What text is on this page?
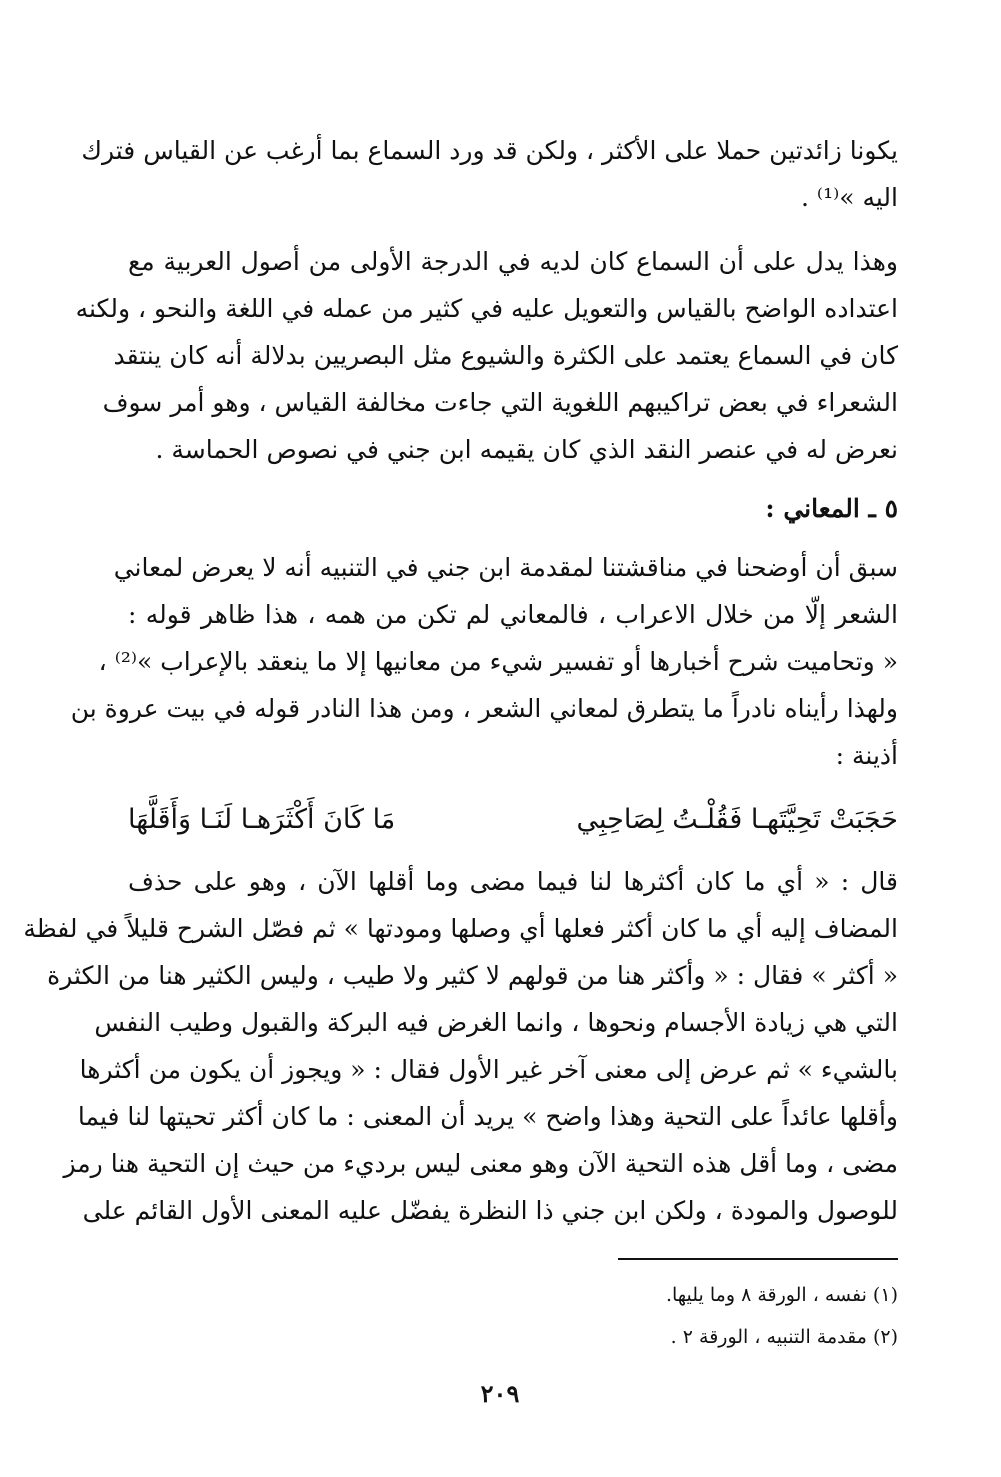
يكونا زائدتين حملا على الأكثر ، ولكن قد ورد السماع بما أرغب عن القياس فترك
اليه »⁽¹⁾ .
وهذا يدل على أن السماع كان لديه في الدرجة الأولى من أصول العربية مع
اعتداده الواضح بالقياس والتعويل عليه في كثير من عمله في اللغة والنحو ، ولكنه
كان في السماع يعتمد على الكثرة والشيوع مثل البصريين بدلالة أنه كان ينتقد
الشعراء في بعض تراكيبهم اللغوية التي جاءت مخالفة القياس ، وهو أمر سوف
نعرض له في عنصر النقد الذي كان يقيمه ابن جني في نصوص الحماسة .
٥ ـ المعاني :
سبق أن أوضحنا في مناقشتنا لمقدمة ابن جني في التنبيه أنه لا يعرض لمعاني
الشعر إلّا من خلال الاعراب ، فالمعاني لم تكن من همه ، هذا ظاهر قوله :
« وتحاميت شرح أخبارها أو تفسير شيء من معانيها إلا ما ينعقد بالإعراب »⁽²⁾ ،
ولهذا رأيناه نادراً ما يتطرق لمعاني الشعر ، ومن هذا النادر قوله في بيت عروة بن
أذينة :
حَجَبَتْ تَحِيَّتَهـا فَقُلْـتُ لِصَاحِبِي
مَا كَانَ أَكْثَرَهـا لَنَـا وَأَقَلَّهَا
قال : « أي ما كان أكثرها لنا فيما مضى وما أقلها الآن ، وهو على حذف
المضاف إليه أي ما كان أكثر فعلها أي وصلها ومودتها » ثم فصّل الشرح قليلاً في لفظة
« أكثر » فقال : « وأكثر هنا من قولهم لا كثير ولا طيب ، وليس الكثير هنا من الكثرة
التي هي زيادة الأجسام ونحوها ، وانما الغرض فيه البركة والقبول وطيب النفس
بالشيء » ثم عرض إلى معنى آخر غير الأول فقال : « ويجوز أن يكون من أكثرها
وأقلها عائداً على التحية وهذا واضح » يريد أن المعنى : ما كان أكثر تحيتها لنا فيما
مضى ، وما أقل هذه التحية الآن وهو معنى ليس برديء من حيث إن التحية هنا رمز
للوصول والمودة ، ولكن ابن جني ذا النظرة يفضّل عليه المعنى الأول القائم على
(١) نفسه ، الورقة ٨ وما يليها.
(٢) مقدمة التنبيه ، الورقة ٢ .
٢٠٩
